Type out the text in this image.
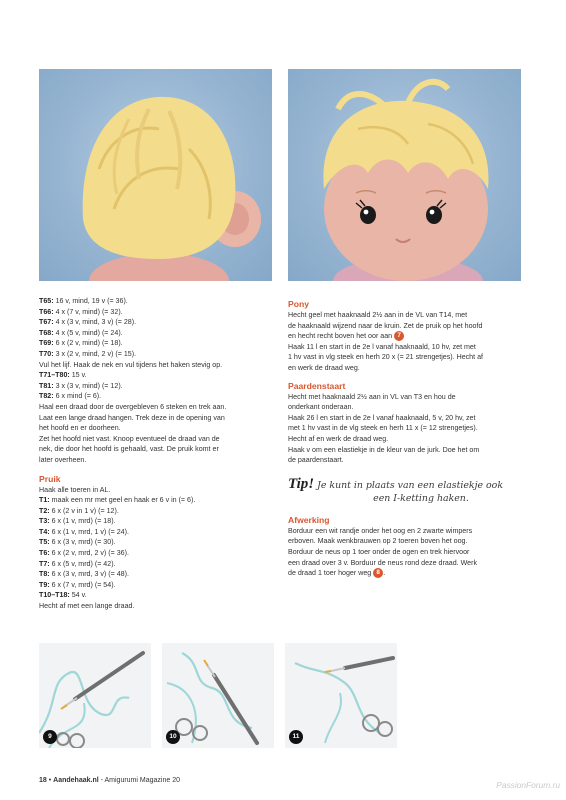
T65: 16 v, mind, 19 v (= 36).
T66: 4 x (7 v, mind) (= 32).
T67: 4 x (3 v, mind, 3 v) (= 28).
T68: 4 x (5 v, mind) (= 24).
T69: 6 x (2 v, mind) (= 18).
T70: 3 x (2 v, mind, 2 v) (= 15).
Vul het lijf. Haak de nek en vul tijdens het haken stevig op.
T71–T80: 15 v.
T81: 3 x (3 v, mind) (= 12).
T82: 6 x mind (= 6).
Haal een draad door de overgebleven 6 steken en trek aan.
Laat een lange draad hangen. Trek deze in de opening van
het hoofd en er doorheen.
Zet het hoofd niet vast. Knoop eventueel de draad van de
nek, die door het hoofd is gehaald, vast. De pruik komt er
later overheen.
Pruik
Haak alle toeren in AL.
T1: maak een mr met geel en haak er 6 v in (= 6).
T2: 6 x (2 v in 1 v) (= 12).
T3: 6 x (1 v, mrd) (= 18).
T4: 6 x (1 v, mrd, 1 v) (= 24).
T5: 6 x (3 v, mrd) (= 30).
T6: 6 x (2 v, mrd, 2 v) (= 36).
T7: 6 x (5 v, mrd) (= 42).
T8: 6 x (3 v, mrd, 3 v) (= 48).
T9: 6 x (7 v, mrd) (= 54).
T10–T18: 54 v.
Hecht af met een lange draad.
Pony
Hecht geel met haaknaald 2½ aan in de VL van T14, met
de haaknaald wijzend naar de kruin. Zet de pruik op het hoofd
en hecht recht boven het oor aan 7
Haak 11 l en start in de 2e l vanaf haaknaald, 10 hv, zet met
1 hv vast in vlg steek en herh 20 x (= 21 strengetjes). Hecht af
en werk de draad weg.
Paardenstaart
Hecht met haaknaald 2½ aan in VL van T3 en hou de
onderkant onderaan.
Haak 26 l en start in de 2e l vanaf haaknaald, 5 v, 20 hv, zet
met 1 hv vast in de vlg steek en herh 11 x (= 12 strengetjes).
Hecht af en werk de draad weg.
Haak v om een elastiekje in de kleur van de jurk. Doe het om
de paardenstaart.
Tip! Je kunt in plaats van een elastiekje ook
een I-ketting haken.
Afwerking
Borduur een wit randje onder het oog en 2 zwarte wimpers
erboven. Maak wenkbrauwen op 2 toeren boven het oog.
Borduur de neus op 1 toer onder de ogen en trek hiervoor
een draad over 3 v. Borduur de neus rond deze draad. Werk
de draad 1 toer hoger weg 8 .
9	10	11
18 • Aandehaak.nl - Amigurumi Magazine 20	PassionForum.ru
